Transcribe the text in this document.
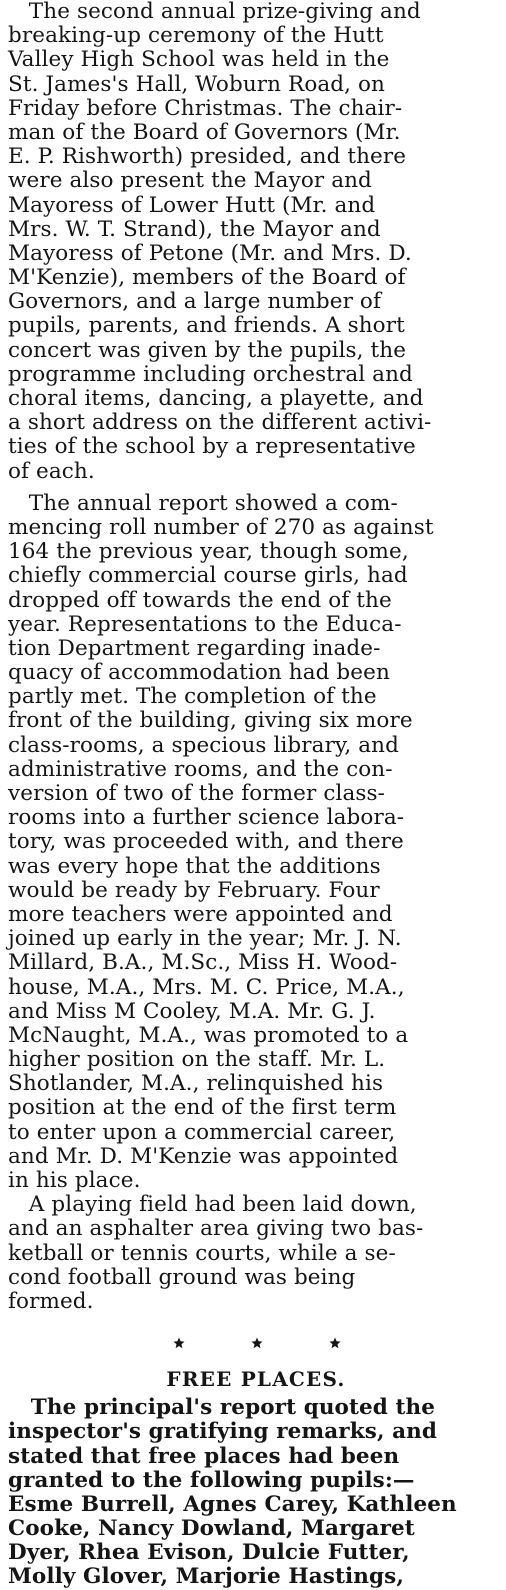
The second annual prize-giving and
breaking-up ceremony of the Hutt
Valley High School was held in the
St. James's Hall, Woburn Road, on
Friday before Christmas. The chair-
man of the Board of Governors (Mr.
E. P. Rishworth) presided, and there
were also present the Mayor and
Mayoress of Lower Hutt (Mr. and
Mrs. W. T. Strand), the Mayor and
Mayoress of Petone (Mr. and Mrs. D.
M'Kenzie), members of the Board of
Governors, and a large number of
pupils, parents, and friends. A short
concert was given by the pupils, the
programme including orchestral and
choral items, dancing, a playette, and
a short address on the different activi-
ties of the school by a representative
of each.
The annual report showed a com-
mencing roll number of 270 as against
164 the previous year, though some,
chiefly commercial course girls, had
dropped off towards the end of the
year. Representations to the Educa-
tion Department regarding inade-
quacy of accommodation had been
partly met. The completion of the
front of the building, giving six more
class-rooms, a specious library, and
administrative rooms, and the con-
version of two of the former class-
rooms into a further science labora-
tory, was proceeded with, and there
was every hope that the additions
would be ready by February. Four
more teachers were appointed and
joined up early in the year; Mr. J. N.
Millard, B.A., M.Sc., Miss H. Wood-
house, M.A., Mrs. M. C. Price, M.A.,
and Miss M Cooley, M.A. Mr. G. J.
McNaught, M.A., was promoted to a
higher position on the staff. Mr. L.
Shotlander, M.A., relinquished his
position at the end of the first term
to enter upon a commercial career,
and Mr. D. M'Kenzie was appointed
in his place.
A playing field had been laid down,
and an asphalter area giving two bas-
ketball or tennis courts, while a se-
cond football ground was being
formed.
FREE PLACES.
The principal's report quoted the
inspector's gratifying remarks, and
stated that free places had been
granted to the following pupils:—
Esme Burrell, Agnes Carey, Kathleen
Cooke, Nancy Dowland, Margaret
Dyer, Rhea Evison, Dulcie Futter,
Molly Glover, Marjorie Hastings,
